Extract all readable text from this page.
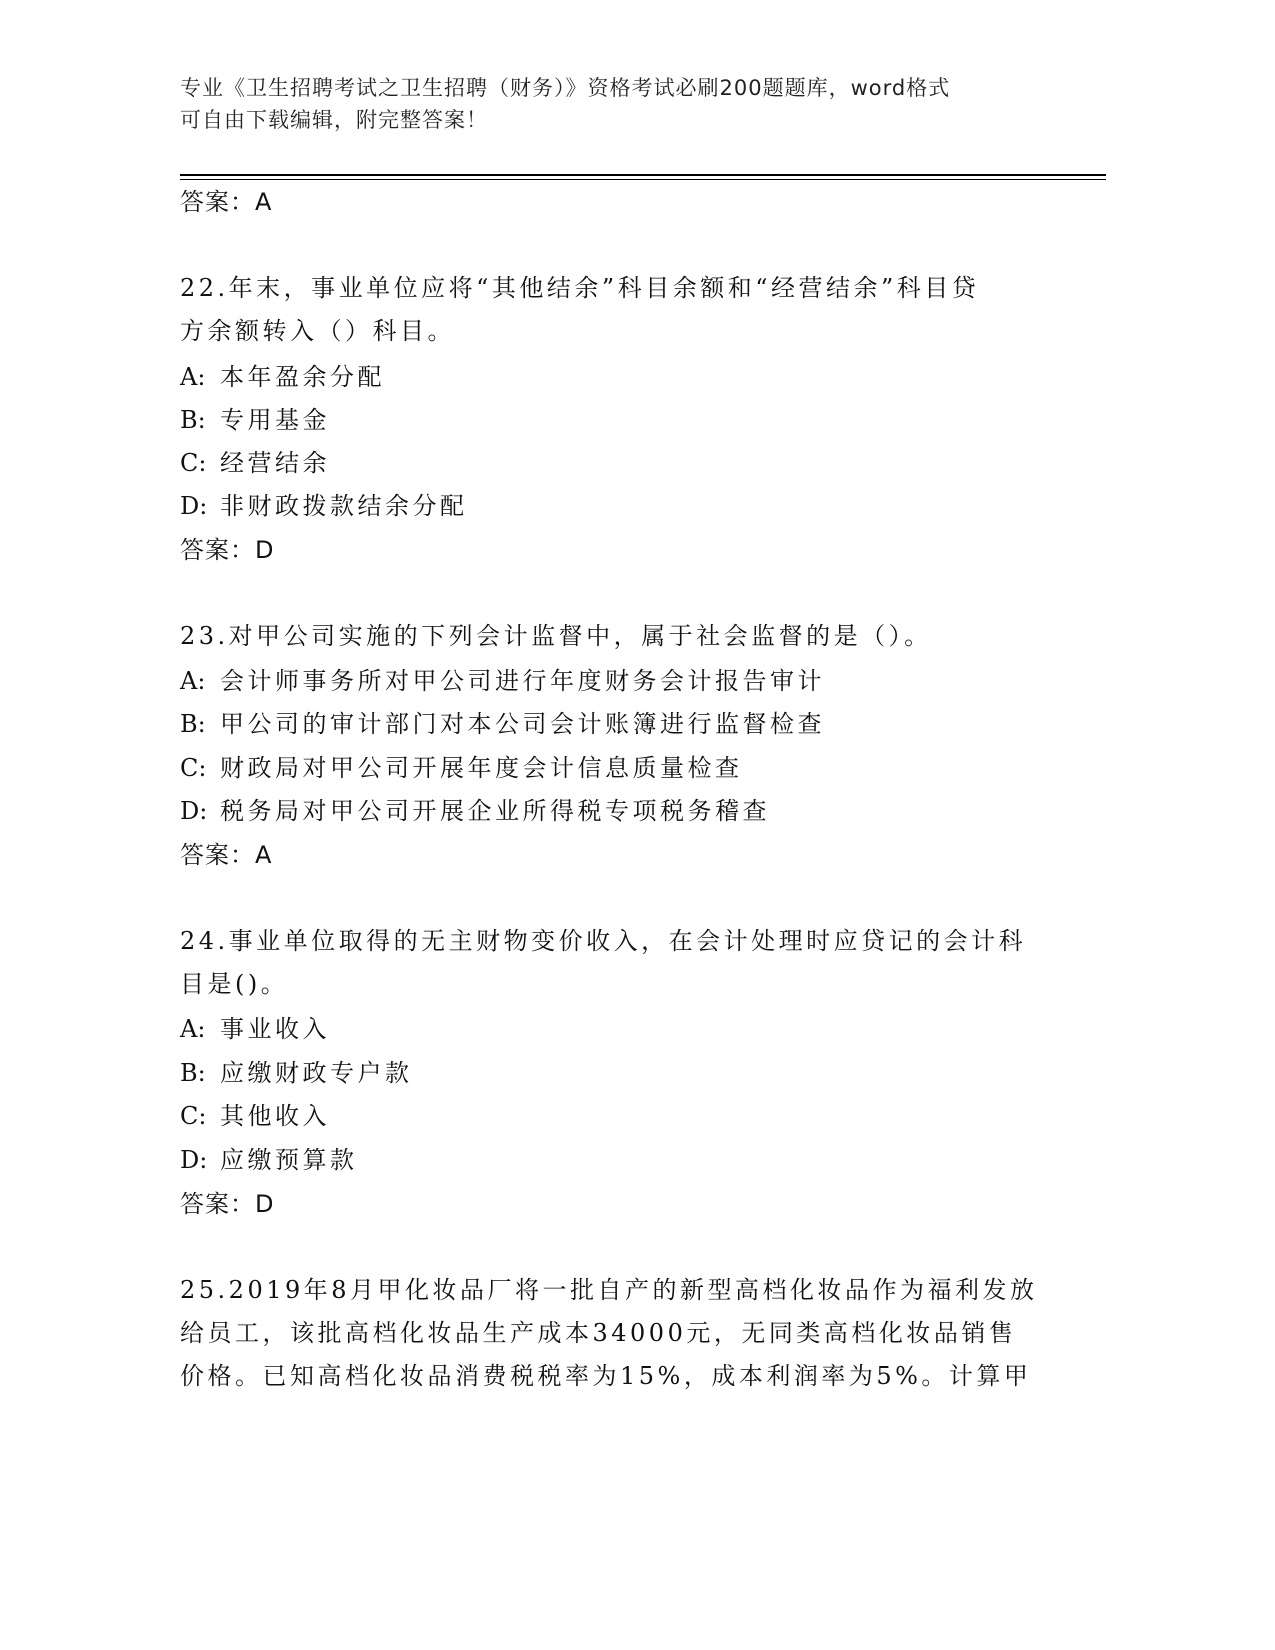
专业《卫生招聘考试之卫生招聘（财务）》资格考试必刷200题题库，word格式
可自由下载编辑，附完整答案！
答案：A
22.年末，事业单位应将“其他结余”科目余额和“经营结余”科目贷
方余额转入（）科目。
A: 本年盈余分配
B: 专用基金
C: 经营结余
D: 非财政拨款结余分配
答案：D
23.对甲公司实施的下列会计监督中，属于社会监督的是（）。
A: 会计师事务所对甲公司进行年度财务会计报告审计
B: 甲公司的审计部门对本公司会计账簿进行监督检查
C: 财政局对甲公司开展年度会计信息质量检查
D: 税务局对甲公司开展企业所得税专项税务稽查
答案：A
24.事业单位取得的无主财物变价收入，在会计处理时应贷记的会计科
目是()。
A: 事业收入
B: 应缴财政专户款
C: 其他收入
D: 应缴预算款
答案：D
25.2019年8月甲化妆品厂将一批自产的新型高档化妆品作为福利发放
给员工，该批高档化妆品生产成本34000元，无同类高档化妆品销售
价格。已知高档化妆品消费税税率为15%，成本利润率为5%。计算甲
